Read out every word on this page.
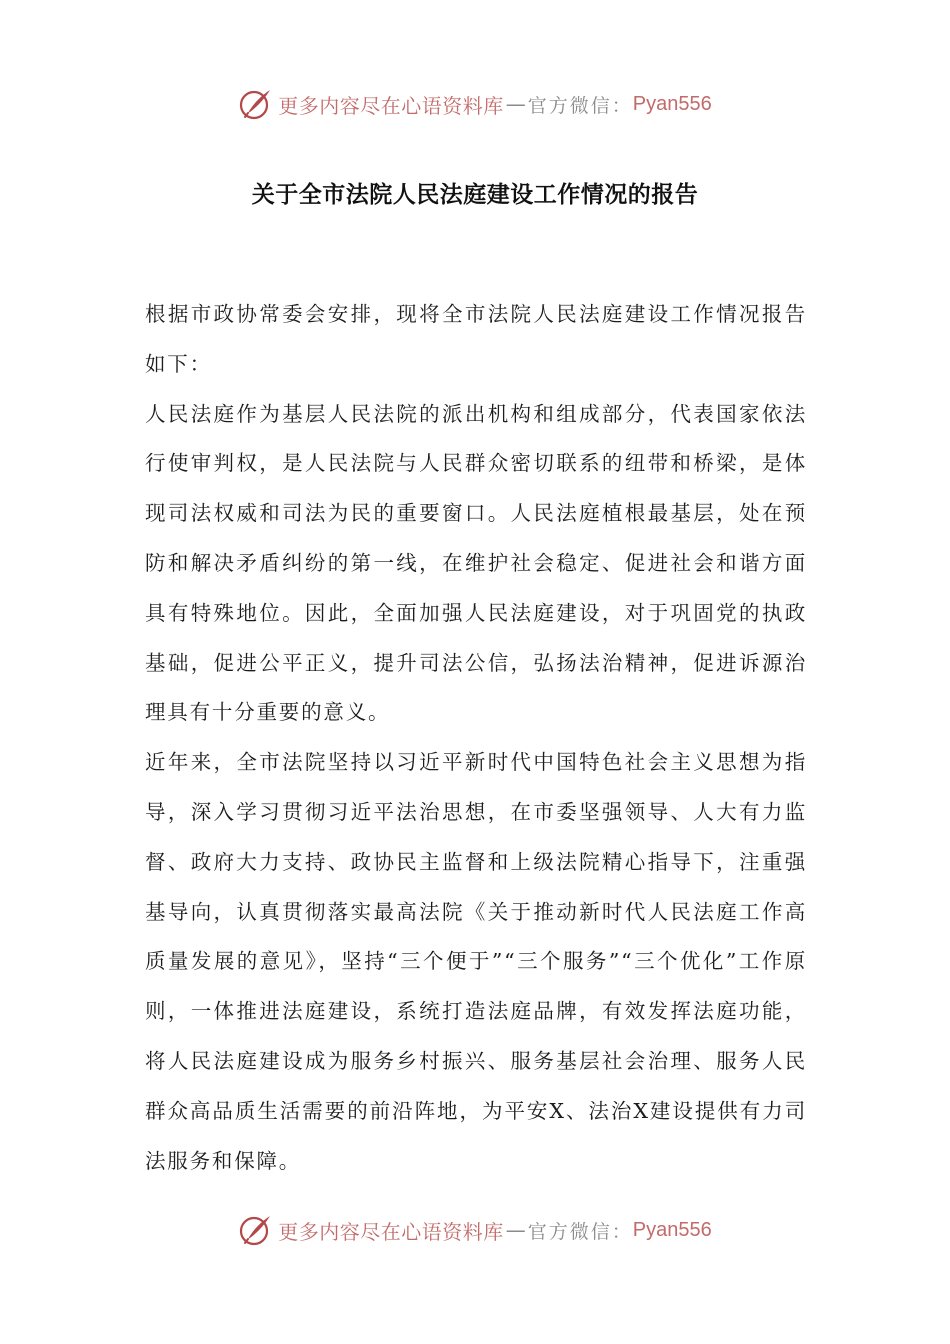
更多内容尽在心语资料库 — 官方微信： Pyan556
关于全市法院人民法庭建设工作情况的报告

根据市政协常委会安排，现将全市法院人民法庭建设工作情况报告如下：

人民法庭作为基层人民法院的派出机构和组成部分，代表国家依法行使审判权，是人民法院与人民群众密切联系的纽带和桥梁，是体现司法权威和司法为民的重要窗口。人民法庭植根最基层，处在预防和解决矛盾纠纷的第一线，在维护社会稳定、促进社会和谐方面具有特殊地位。因此，全面加强人民法庭建设，对于巩固党的执政基础，促进公平正义，提升司法公信，弘扬法治精神，促进诉源治理具有十分重要的意义。

近年来，全市法院坚持以习近平新时代中国特色社会主义思想为指导，深入学习贯彻习近平法治思想，在市委坚强领导、人大有力监督、政府大力支持、政协民主监督和上级法院精心指导下，注重强基导向，认真贯彻落实最高法院《关于推动新时代人民法庭工作高质量发展的意见》，坚持“三个便于”“三个服务”“三个优化”工作原则，一体推进法庭建设，系统打造法庭品牌，有效发挥法庭功能，将人民法庭建设成为服务乡村振兴、服务基层社会治理、服务人民群众高品质生活需要的前沿阵地，为平安X、法治X建设提供有力司法服务和保障。

更多内容尽在心语资料库 — 官方微信： Pyan556
